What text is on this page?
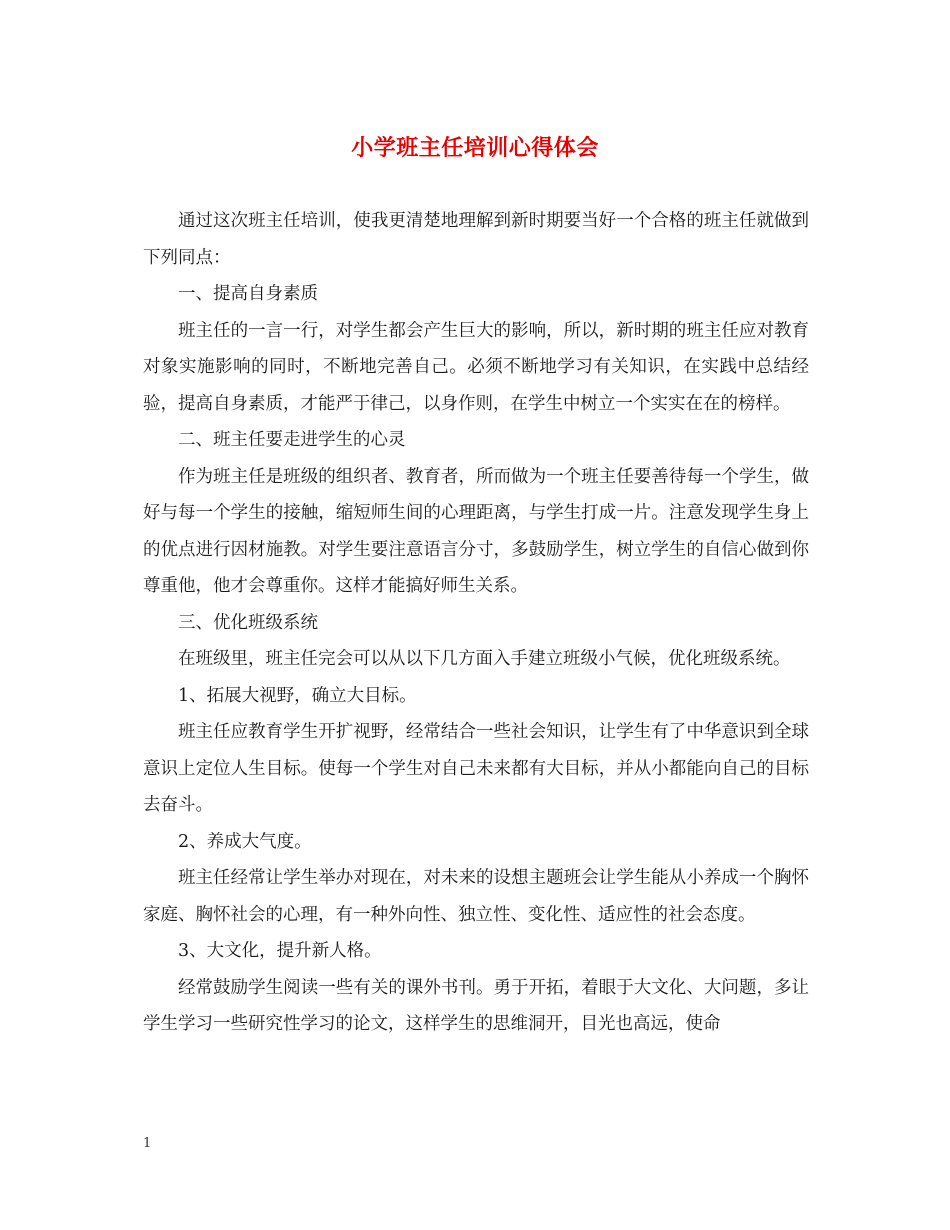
小学班主任培训心得体会

通过这次班主任培训，使我更清楚地理解到新时期要当好一个合格的班主任就做到下列同点：

一、提高自身素质

班主任的一言一行，对学生都会产生巨大的影响，所以，新时期的班主任应对教育对象实施影响的同时，不断地完善自己。必须不断地学习有关知识，在实践中总结经验，提高自身素质，才能严于律己，以身作则，在学生中树立一个实实在在的榜样。

二、班主任要走进学生的心灵

作为班主任是班级的组织者、教育者，所而做为一个班主任要善待每一个学生，做好与每一个学生的接触，缩短师生间的心理距离，与学生打成一片。注意发现学生身上的优点进行因材施教。对学生要注意语言分寸，多鼓励学生，树立学生的自信心做到你尊重他，他才会尊重你。这样才能搞好师生关系。

三、优化班级系统

在班级里，班主任完会可以从以下几方面入手建立班级小气候，优化班级系统。

1、拓展大视野，确立大目标。

班主任应教育学生开扩视野，经常结合一些社会知识，让学生有了中华意识到全球意识上定位人生目标。使每一个学生对自己未来都有大目标，并从小都能向自己的目标去奋斗。

2、养成大气度。

班主任经常让学生举办对现在，对未来的设想主题班会让学生能从小养成一个胸怀家庭、胸怀社会的心理，有一种外向性、独立性、变化性、适应性的社会态度。

3、大文化，提升新人格。

经常鼓励学生阅读一些有关的课外书刊。勇于开拓，着眼于大文化、大问题，多让学生学习一些研究性学习的论文，这样学生的思维洞开，目光也高远，使命

1
